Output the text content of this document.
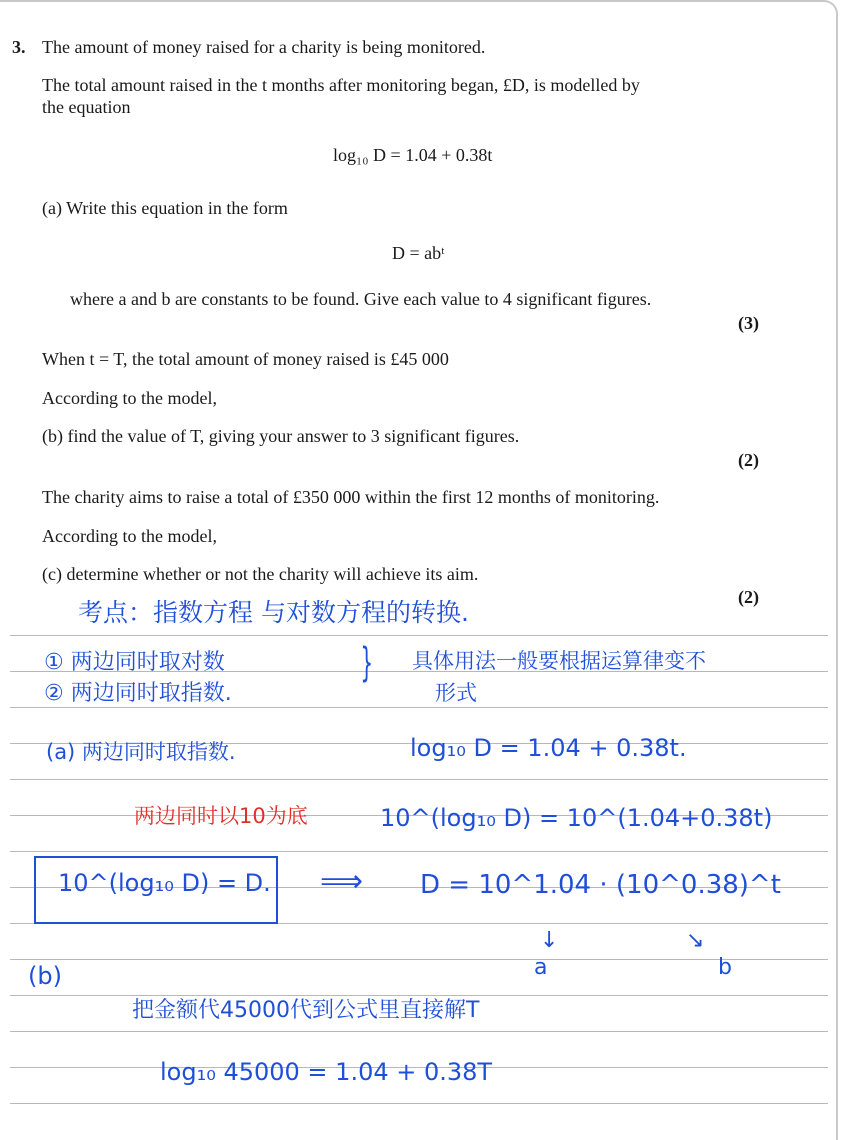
3. The amount of money raised for a charity is being monitored.
The total amount raised in the t months after monitoring began, £D, is modelled by
the equation
log₁₀ D = 1.04 + 0.38t
(a) Write this equation in the form
D = abᵗ
where a and b are constants to be found. Give each value to 4 significant figures.
(3)
When t = T, the total amount of money raised is £45 000
According to the model,
(b) find the value of T, giving your answer to 3 significant figures.
(2)
The charity aims to raise a total of £350 000 within the first 12 months of monitoring.
According to the model,
(c) determine whether or not the charity will achieve its aim.
(2)
考点：指数方程 与对数方程的转换.
① 两边同时取对数
② 两边同时取指数.
} 具体用法一般要根据运算律变不
形式
(a) 两边同时取指数.	log₁₀ D = 1.04 + 0.38t.
两边同时以10为底	10^(log₁₀ D) = 10^(1.04+0.38t)
10^(log₁₀ D) = D. ⟹ D = 10^1.04 · (10^0.38)^t
↓
a
↘
b
(b)
把金额代45000代到公式里直接解T
log₁₀ 45000 = 1.04 + 0.38T
